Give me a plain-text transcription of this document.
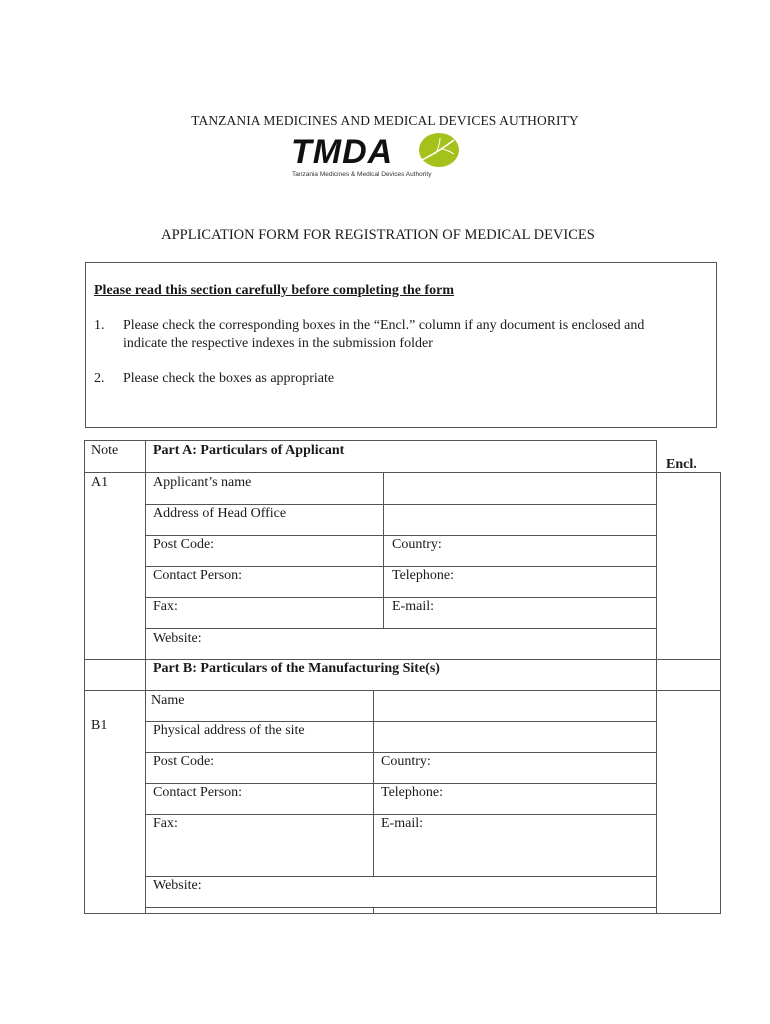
TANZANIA MEDICINES AND MEDICAL DEVICES AUTHORITY
TMDA
Tanzania Medicines & Medical Devices Authority
APPLICATION FORM FOR REGISTRATION OF MEDICAL DEVICES
Please read this section carefully before completing the form
1. Please check the corresponding boxes in the “Encl.” column if any document is enclosed and indicate the respective indexes in the submission folder
2. Please check the boxes as appropriate
Note Part A: Particulars of Applicant
Encl.
A1	Applicant’s name
Address of Head Office
Post Code:	Country:
Contact Person:	Telephone:
Fax:	E-mail:
Website:
Part B: Particulars of the Manufacturing Site(s)
B1
Name
Physical address of the site
Post Code:	Country:
Contact Person:	Telephone:
Fax:	E-mail:
Website:
